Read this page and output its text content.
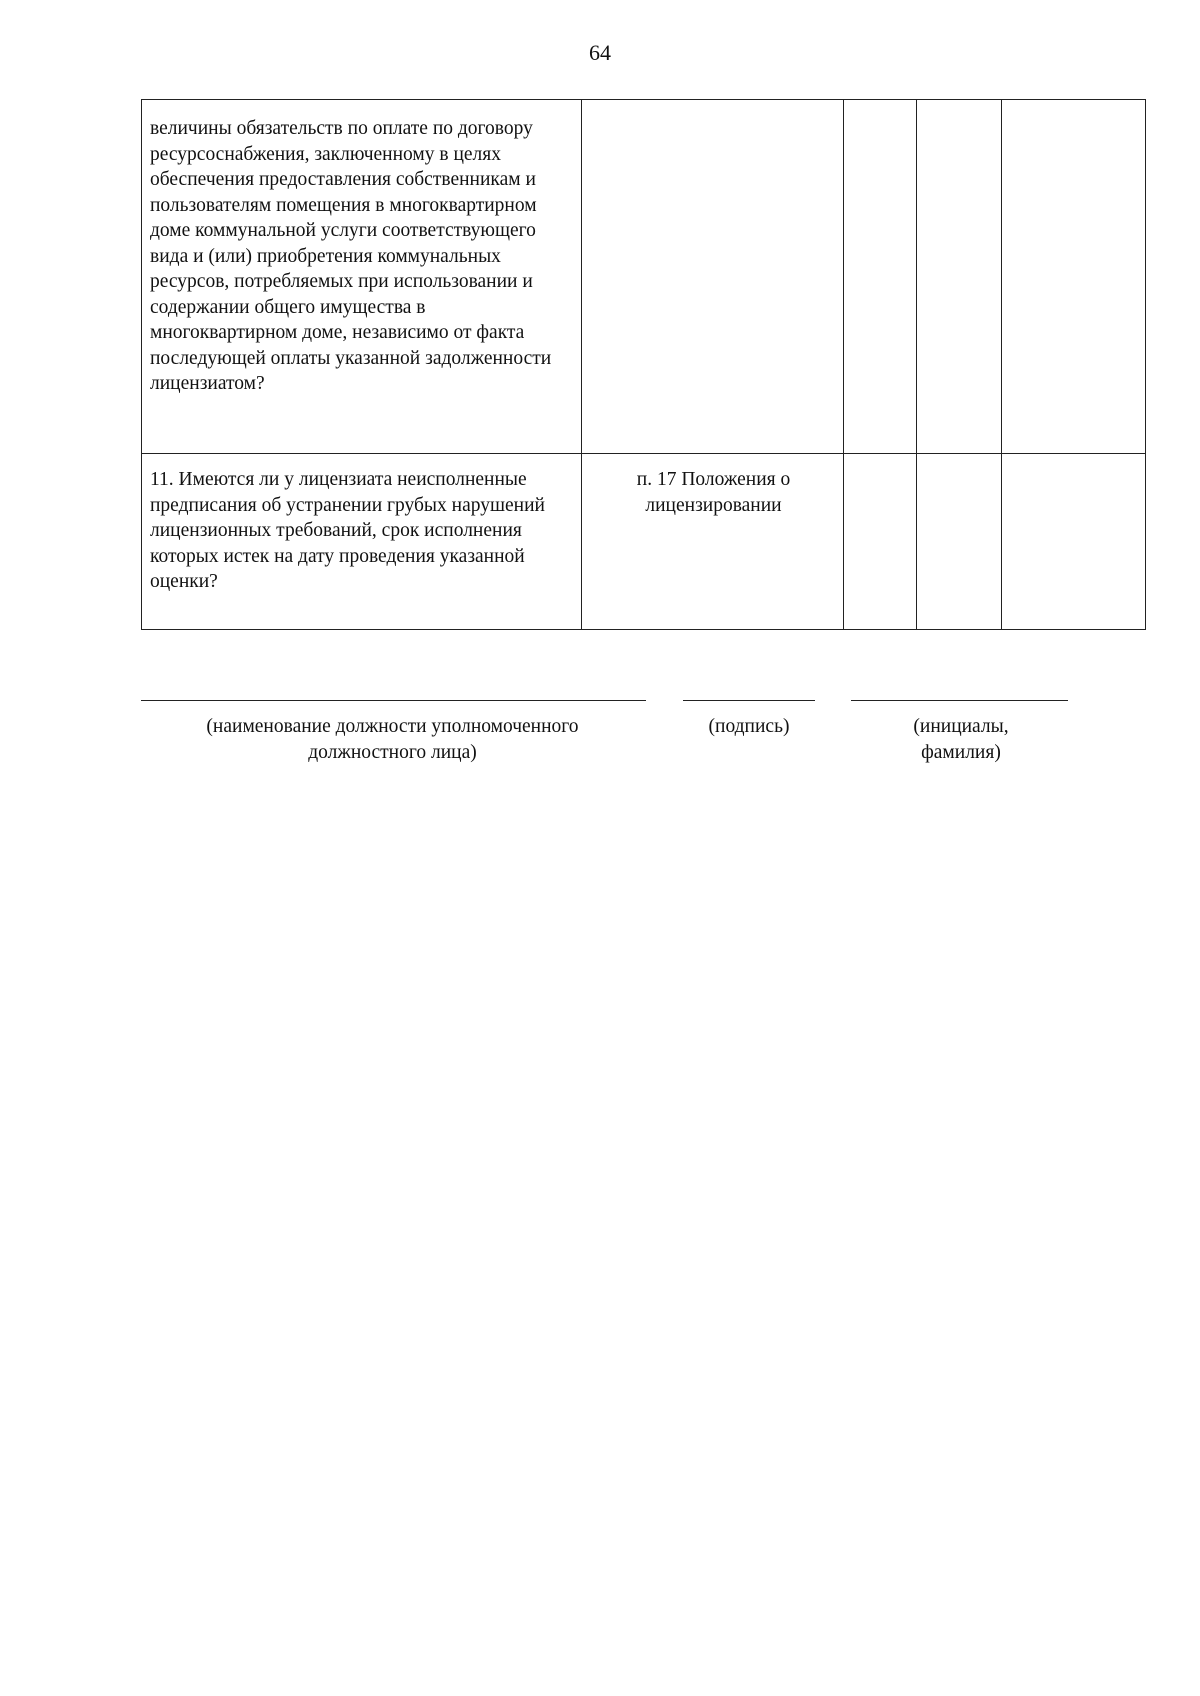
64
величины обязательств по оплате по договору ресурсоснабжения, заключенному в целях обеспечения предоставления собственникам и пользователям помещения в многоквартирном доме коммунальной услуги соответствующего вида и (или) приобретения коммунальных ресурсов, потребляемых при использовании и содержании общего имущества в многоквартирном доме, независимо от факта последующей оплаты указанной задолженности лицензиатом?				
11. Имеются ли у лицензиата неисполненные предписания об устранении грубых нарушений лицензионных требований, срок исполнения которых истек на дату проведения указанной оценки?	п. 17 Положения о лицензировании			
(наименование должности уполномоченного должностного лица)
(подпись)	(инициалы, фамилия)
